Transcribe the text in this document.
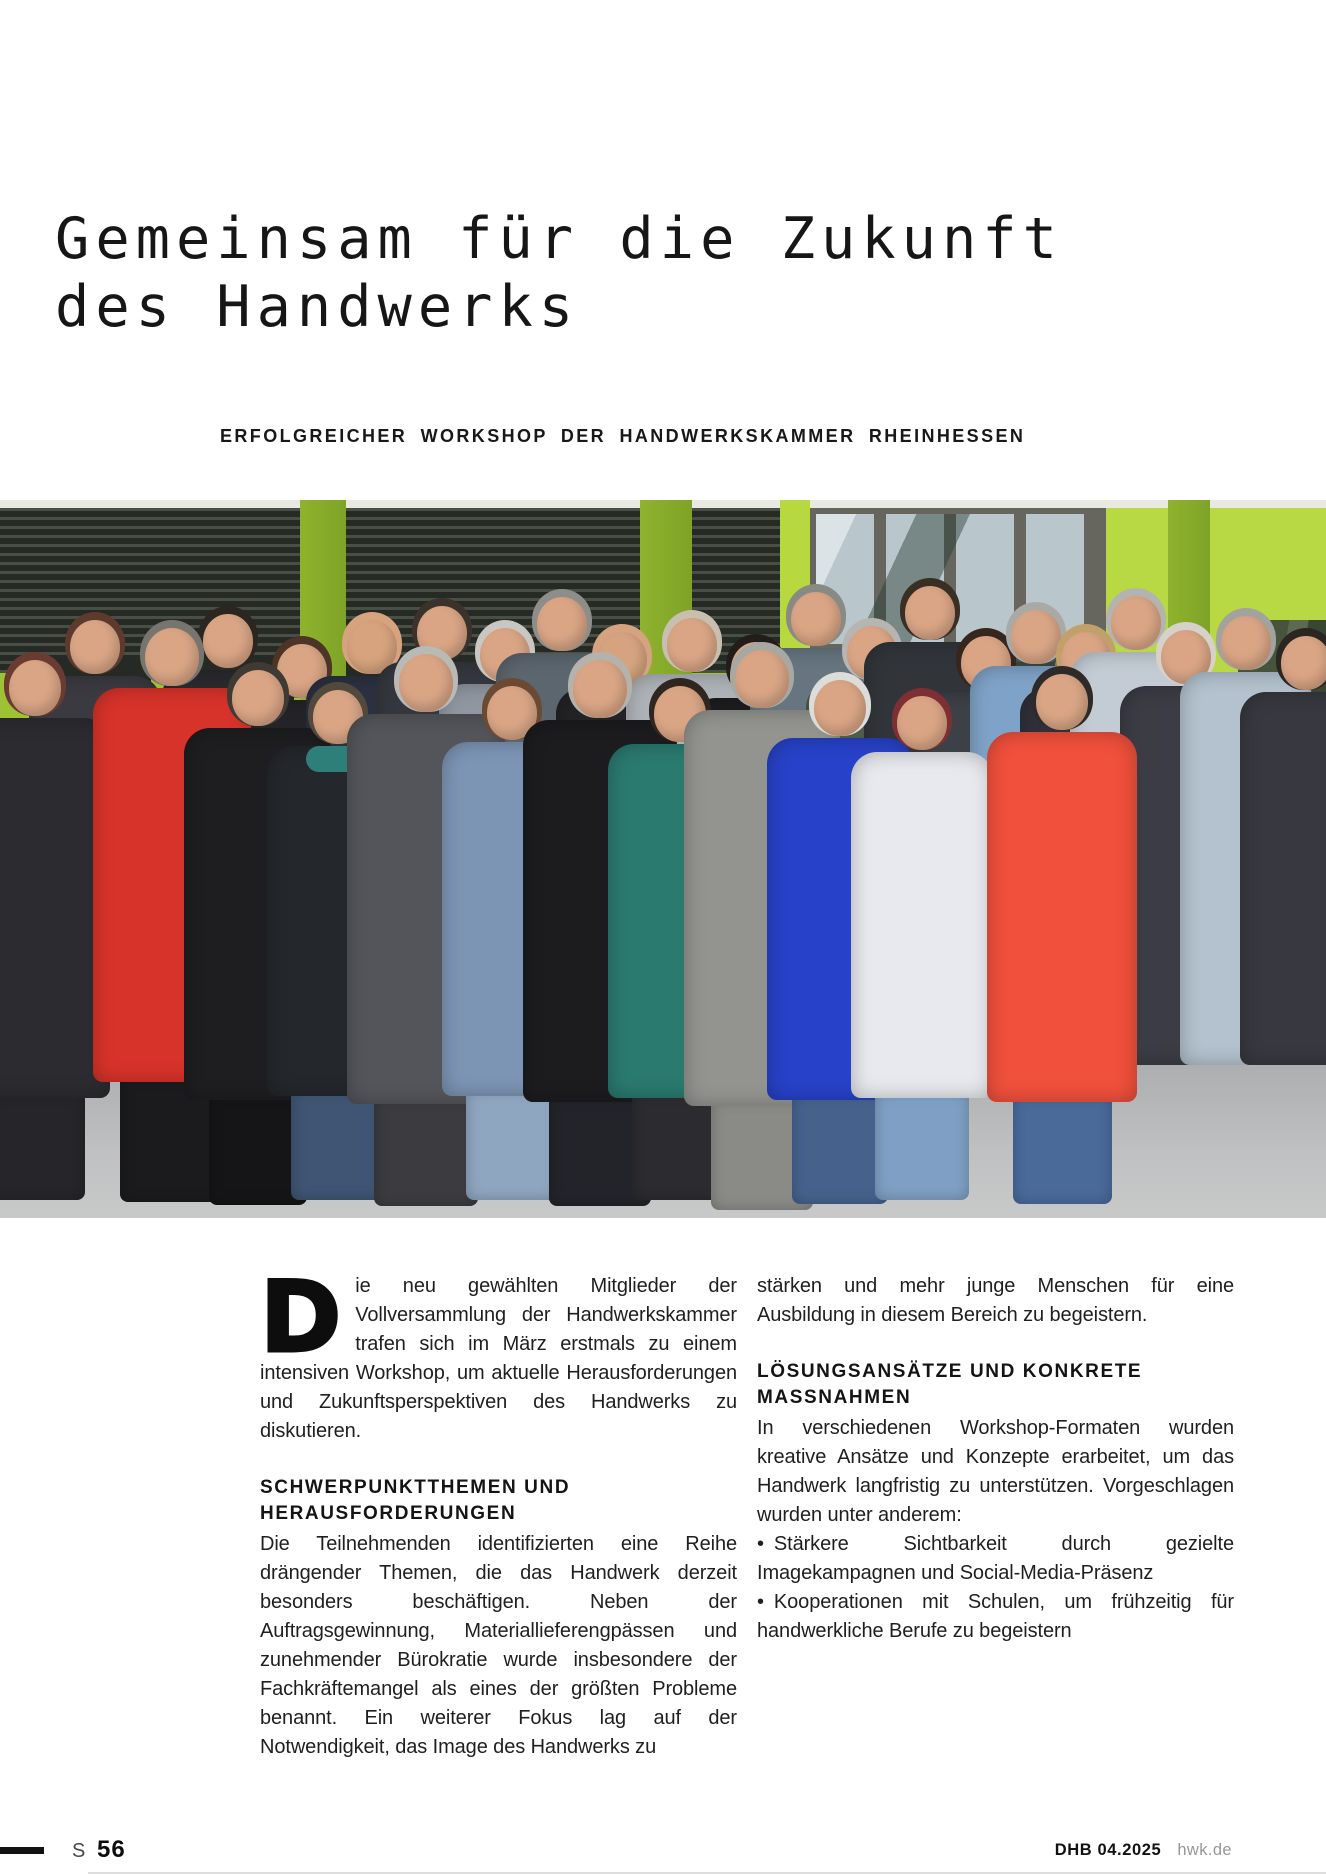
Gemeinsam für die Zukunft
des Handwerks
ERFOLGREICHER WORKSHOP DER HANDWERKSKAMMER RHEINHESSEN

Die neu gewählten Mitglieder der Vollversammlung der Handwerkskammer trafen sich im März erstmals zu einem intensiven Workshop, um aktuelle Herausforderungen und Zukunftsperspektiven des Handwerks zu diskutieren.

SCHWERPUNKTTHEMEN UND
HERAUSFORDERUNGEN

Die Teilnehmenden identifizierten eine Reihe drängender Themen, die das Handwerk derzeit besonders beschäftigen. Neben der Auftragsgewinnung, Materiallieferengpässen und zunehmender Bürokratie wurde insbesondere der Fachkräftemangel als eines der größten Probleme benannt. Ein weiterer Fokus lag auf der Notwendigkeit, das Image des Handwerks zu

stärken und mehr junge Menschen für eine Ausbildung in diesem Bereich zu begeistern.

LÖSUNGSANSÄTZE UND KONKRETE
MASSNAHMEN

In verschiedenen Workshop-Formaten wurden kreative Ansätze und Konzepte erarbeitet, um das Handwerk langfristig zu unterstützen. Vorgeschlagen wurden unter anderem:

• Stärkere Sichtbarkeit durch gezielte Imagekampagnen und Social-Media-Präsenz

• Kooperationen mit Schulen, um frühzeitig für handwerkliche Berufe zu begeistern

S 56	DHB 04.2025 hwk.de
